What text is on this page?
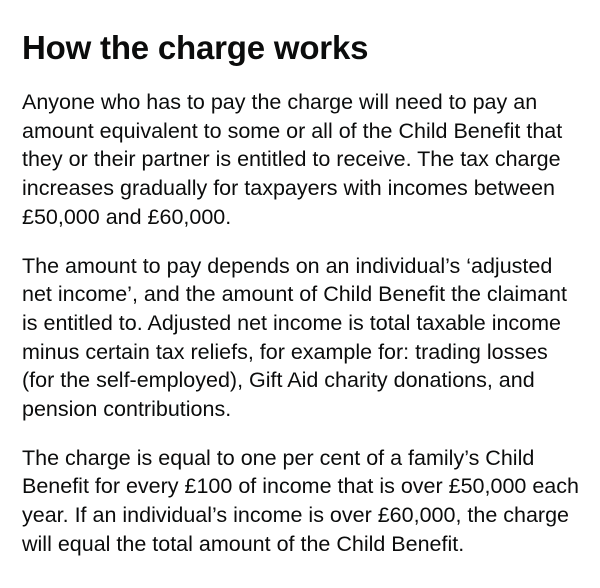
How the charge works

Anyone who has to pay the charge will need to pay an amount equivalent to some or all of the Child Benefit that they or their partner is entitled to receive. The tax charge increases gradually for taxpayers with incomes between £50,000 and £60,000.

The amount to pay depends on an individual’s ‘adjusted net income’, and the amount of Child Benefit the claimant is entitled to. Adjusted net income is total taxable income minus certain tax reliefs, for example for: trading losses (for the self-employed), Gift Aid charity donations, and pension contributions.

The charge is equal to one per cent of a family’s Child Benefit for every £100 of income that is over £50,000 each year. If an individual’s income is over £60,000, the charge will equal the total amount of the Child Benefit.
